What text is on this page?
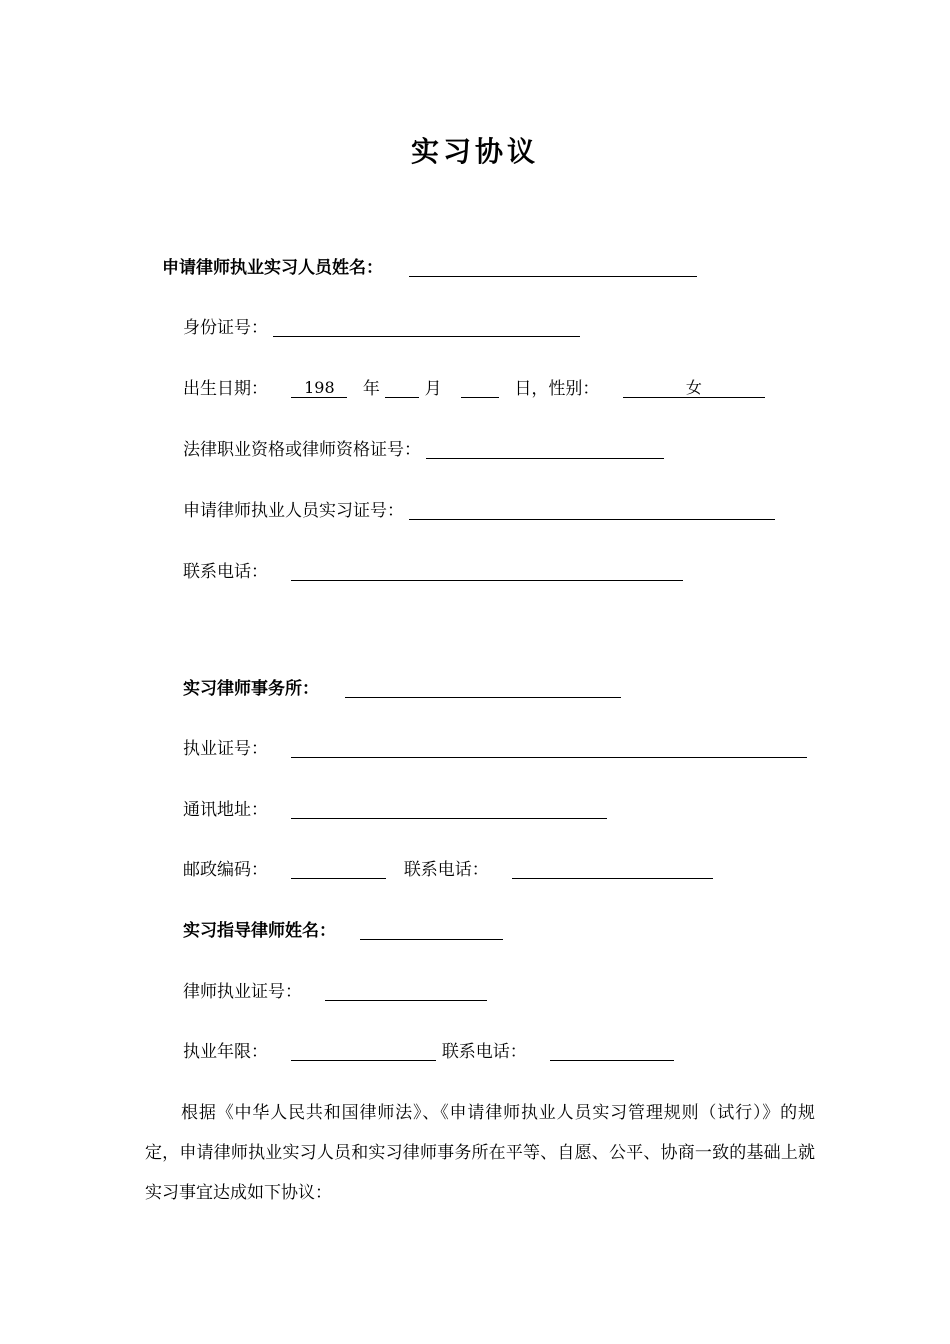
实习协议
申请律师执业实习人员姓名：
身份证号：
出生日期：	198	年	月	日，性别：	女
法律职业资格或律师资格证号：
申请律师执业人员实习证号：
联系电话：
实习律师事务所：
执业证号：
通讯地址：
邮政编码：	联系电话：
实习指导律师姓名：
律师执业证号：
执业年限：	联系电话：
根据《中华人民共和国律师法》、《申请律师执业人员实习管理规则（试行）》的规定，申请律师执业实习人员和实习律师事务所在平等、自愿、公平、协商一致的基础上就实习事宜达成如下协议：
